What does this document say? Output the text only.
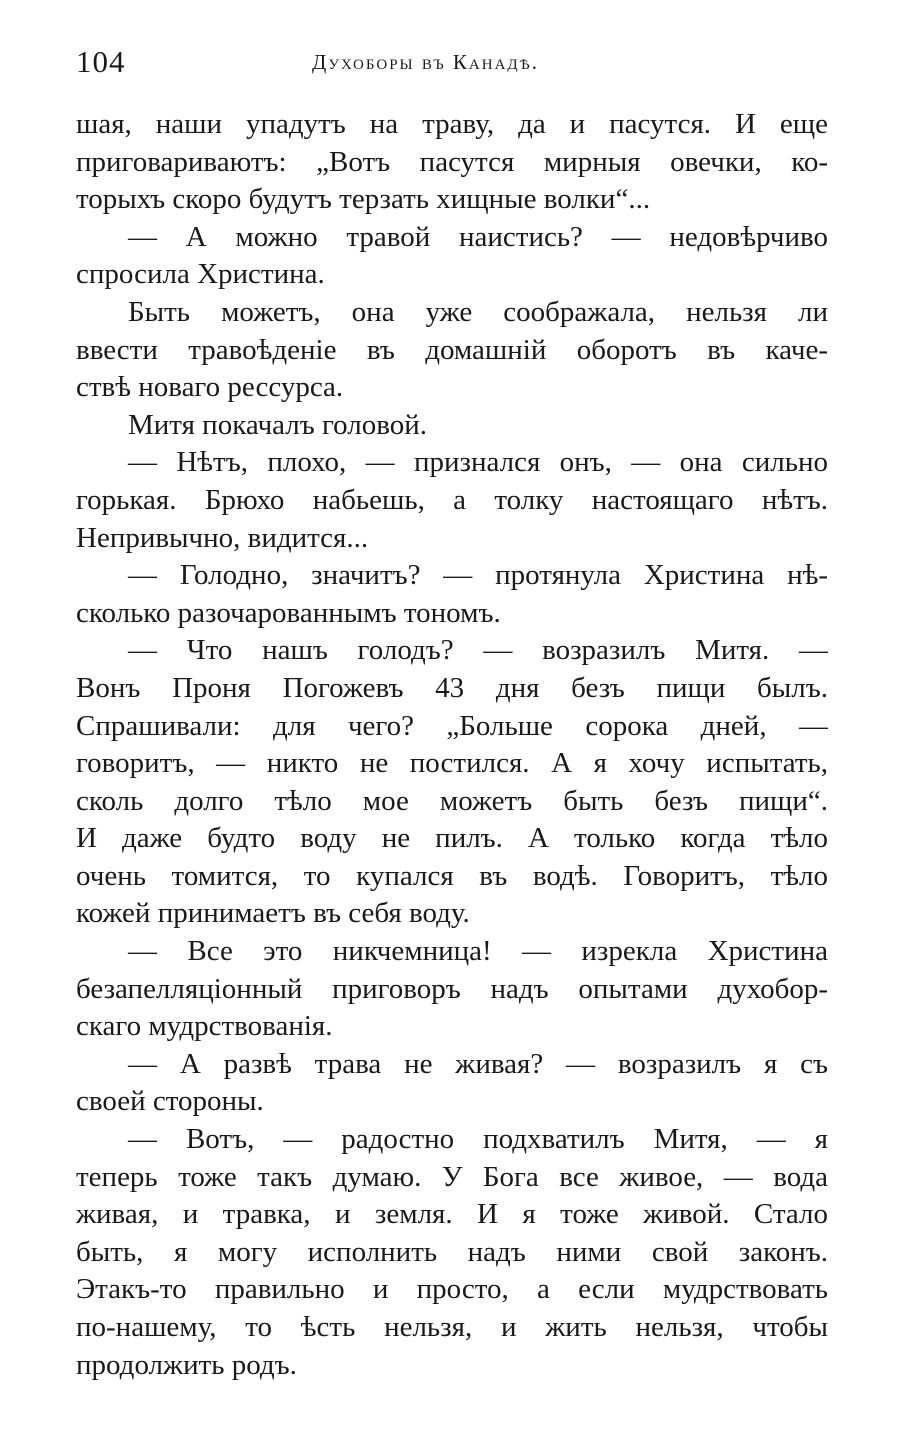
104	Духоборы въ Канадѣ.
шая, наши упадутъ на траву, да и пасутся. И еще
приговариваютъ: „Вотъ пасутся мирныя овечки, ко-
торыхъ скоро будутъ терзать хищные волки“...
— А можно травой наистись? — недовѣрчиво
спросила Христина.
Быть можетъ, она уже соображала, нельзя ли
ввести травоѣденіе въ домашній оборотъ въ каче-
ствѣ новаго рессурса.
Митя покачалъ головой.
— Нѣтъ, плохо, — признался онъ, — она сильно
горькая. Брюхо набьешь, а толку настоящаго нѣтъ.
Непривычно, видится...
— Голодно, значитъ? — протянула Христина нѣ-
сколько разочарованнымъ тономъ.
— Что нашъ голодъ? — возразилъ Митя. —
Вонъ Проня Погожевъ 43 дня безъ пищи былъ.
Спрашивали: для чего? „Больше сорока дней, —
говоритъ, — никто не постился. А я хочу испытать,
сколь долго тѣло мое можетъ быть безъ пищи“.
И даже будто воду не пилъ. А только когда тѣло
очень томится, то купался въ водѣ. Говоритъ, тѣло
кожей принимаетъ въ себя воду.
— Все это никчемница! — изрекла Христина
безапелляціонный приговоръ надъ опытами духобор-
скаго мудрствованія.
— А развѣ трава не живая? — возразилъ я съ
своей стороны.
— Вотъ, — радостно подхватилъ Митя, — я
теперь тоже такъ думаю. У Бога все живое, — вода
живая, и травка, и земля. И я тоже живой. Стало
быть, я могу исполнить надъ ними свой законъ.
Этакъ-то правильно и просто, а если мудрствовать
по-нашему, то ѣсть нельзя, и жить нельзя, чтобы
продолжить родъ.
